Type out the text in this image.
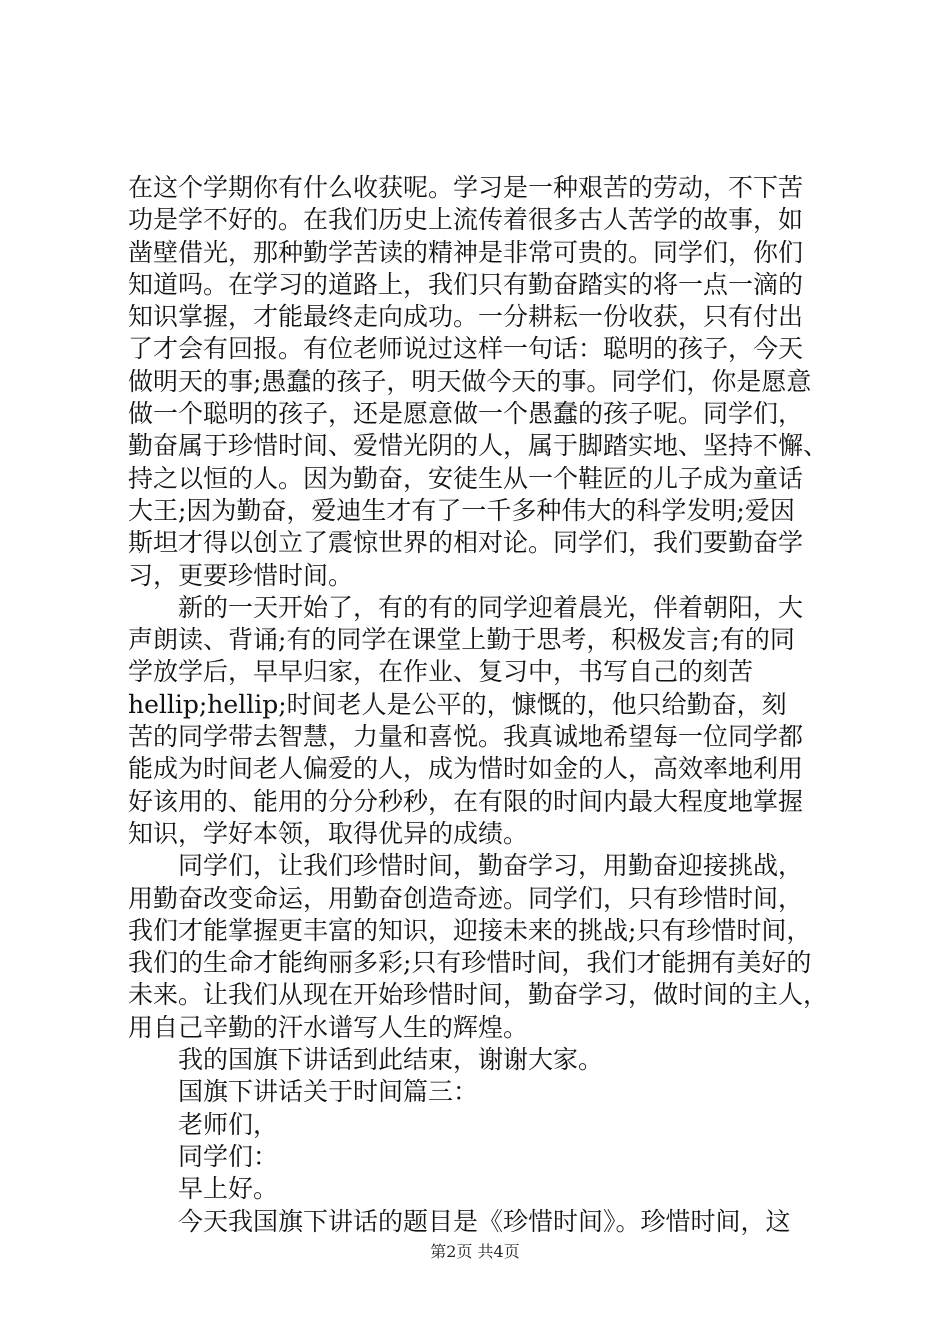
在这个学期你有什么收获呢。学习是一种艰苦的劳动，不下苦
功是学不好的。在我们历史上流传着很多古人苦学的故事，如
凿壁借光，那种勤学苦读的精神是非常可贵的。同学们，你们
知道吗。在学习的道路上，我们只有勤奋踏实的将一点一滴的
知识掌握，才能最终走向成功。一分耕耘一份收获，只有付出
了才会有回报。有位老师说过这样一句话：聪明的孩子，今天
做明天的事;愚蠢的孩子，明天做今天的事。同学们，你是愿意
做一个聪明的孩子，还是愿意做一个愚蠢的孩子呢。同学们，
勤奋属于珍惜时间、爱惜光阴的人，属于脚踏实地、坚持不懈、
持之以恒的人。因为勤奋，安徒生从一个鞋匠的儿子成为童话
大王;因为勤奋，爱迪生才有了一千多种伟大的科学发明;爱因
斯坦才得以创立了震惊世界的相对论。同学们，我们要勤奋学
习，更要珍惜时间。
　　新的一天开始了，有的有的同学迎着晨光，伴着朝阳，大
声朗读、背诵;有的同学在课堂上勤于思考，积极发言;有的同
学放学后，早早归家，在作业、复习中，书写自己的刻苦
hellip;hellip;时间老人是公平的，慷慨的，他只给勤奋，刻
苦的同学带去智慧，力量和喜悦。我真诚地希望每一位同学都
能成为时间老人偏爱的人，成为惜时如金的人，高效率地利用
好该用的、能用的分分秒秒，在有限的时间内最大程度地掌握
知识，学好本领，取得优异的成绩。
　　同学们，让我们珍惜时间，勤奋学习，用勤奋迎接挑战，
用勤奋改变命运，用勤奋创造奇迹。同学们，只有珍惜时间，
我们才能掌握更丰富的知识，迎接未来的挑战;只有珍惜时间，
我们的生命才能绚丽多彩;只有珍惜时间，我们才能拥有美好的
未来。让我们从现在开始珍惜时间，勤奋学习，做时间的主人，
用自己辛勤的汗水谱写人生的辉煌。
　　我的国旗下讲话到此结束，谢谢大家。
　　国旗下讲话关于时间篇三：
　　老师们，
　　同学们：
　　早上好。
　　今天我国旗下讲话的题目是《珍惜时间》。珍惜时间，这
第2页 共4页
